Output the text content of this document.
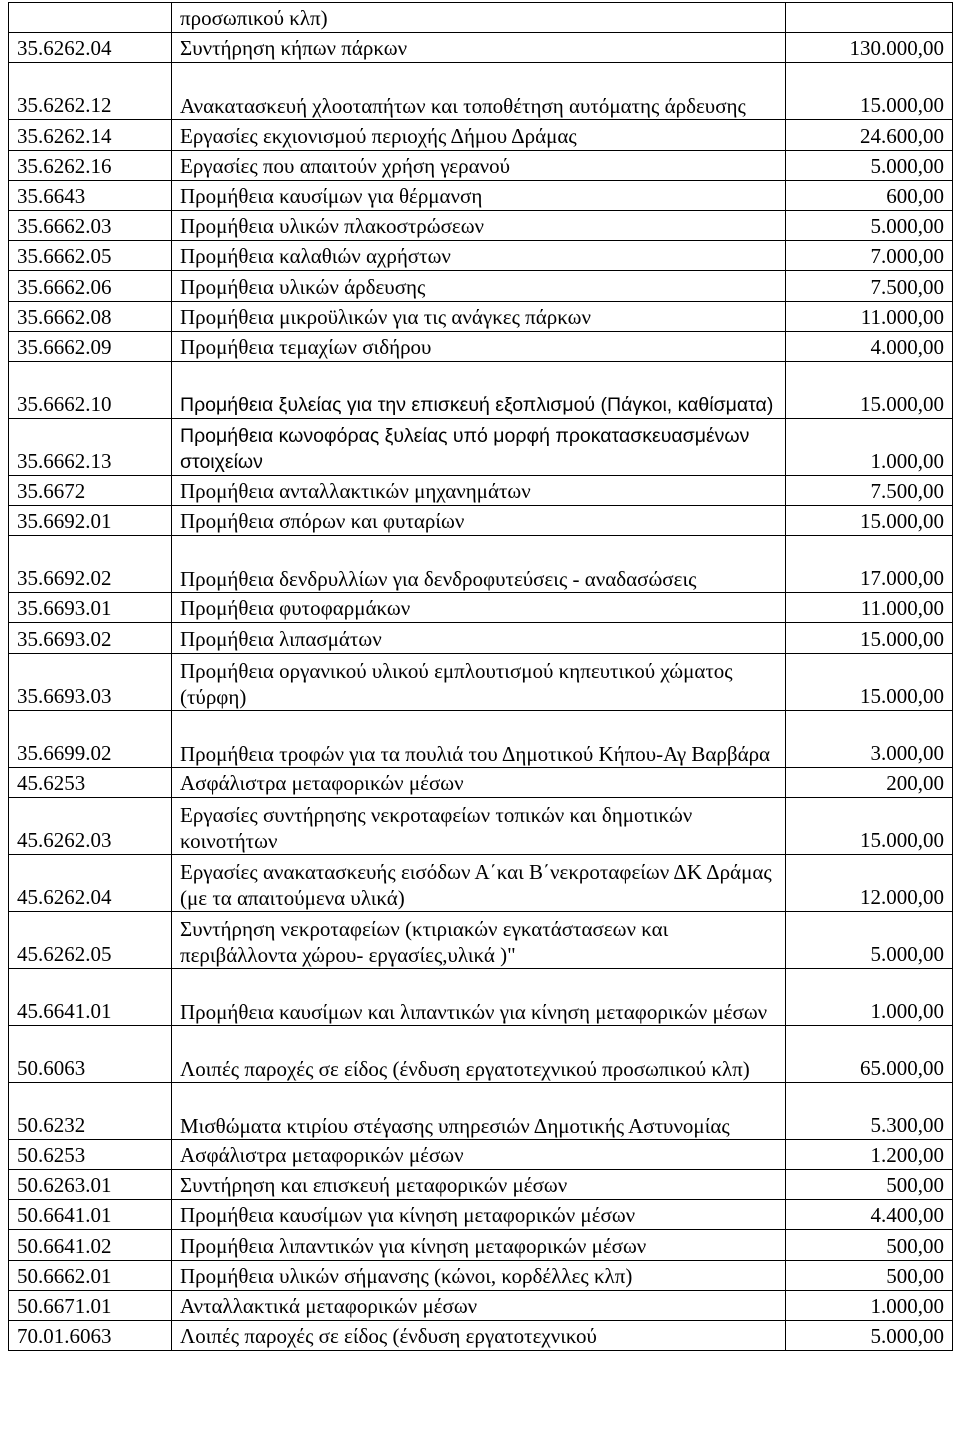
	προσωπικού κλπ)	
35.6262.04	Συντήρηση κήπων πάρκων	130.000,00
35.6262.12	Ανακατασκευή χλοοταπήτων και τοποθέτηση αυτόματης άρδευσης	15.000,00
35.6262.14	Εργασίες εκχιονισμού περιοχής Δήμου Δράμας	24.600,00
35.6262.16	Εργασίες που απαιτούν χρήση γερανού	5.000,00
35.6643	Προμήθεια καυσίμων για θέρμανση	600,00
35.6662.03	Προμήθεια υλικών πλακοστρώσεων	5.000,00
35.6662.05	Προμήθεια καλαθιών αχρήστων	7.000,00
35.6662.06	Προμήθεια υλικών άρδευσης	7.500,00
35.6662.08	Προμήθεια μικροϋλικών για τις ανάγκες πάρκων	11.000,00
35.6662.09	Προμήθεια τεμαχίων σιδήρου	4.000,00
35.6662.10	Προμήθεια ξυλείας για την επισκευή εξοπλισμού (Πάγκοι, καθίσματα)	15.000,00
35.6662.13	Προμήθεια κωνοφόρας ξυλείας υπό μορφή προκατασκευασμένων στοιχείων	1.000,00
35.6672	Προμήθεια ανταλλακτικών μηχανημάτων	7.500,00
35.6692.01	Προμήθεια σπόρων και φυταρίων	15.000,00
35.6692.02	Προμήθεια δενδρυλλίων για δενδροφυτεύσεις - αναδασώσεις	17.000,00
35.6693.01	Προμήθεια φυτοφαρμάκων	11.000,00
35.6693.02	Προμήθεια λιπασμάτων	15.000,00
35.6693.03	Προμήθεια οργανικού υλικού εμπλουτισμού κηπευτικού χώματος (τύρφη)	15.000,00
35.6699.02	Προμήθεια τροφών για τα πουλιά του Δημοτικού Κήπου-Αγ Βαρβάρα	3.000,00
45.6253	Ασφάλιστρα μεταφορικών μέσων	200,00
45.6262.03	Εργασίες συντήρησης νεκροταφείων τοπικών και δημοτικών κοινοτήτων	15.000,00
45.6262.04	Εργασίες ανακατασκευής εισόδων Α΄και Β΄νεκροταφείων ΔΚ Δράμας (με τα απαιτούμενα υλικά)	12.000,00
45.6262.05	Συντήρηση νεκροταφείων (κτιριακών εγκατάστασεων και περιβάλλοντα χώρου- εργασίες,υλικά )"	5.000,00
45.6641.01	Προμήθεια καυσίμων και λιπαντικών για κίνηση μεταφορικών μέσων	1.000,00
50.6063	Λοιπές παροχές σε είδος (ένδυση εργατοτεχνικού προσωπικού κλπ)	65.000,00
50.6232	Μισθώματα κτιρίου στέγασης υπηρεσιών Δημοτικής Αστυνομίας	5.300,00
50.6253	Ασφάλιστρα μεταφορικών μέσων	1.200,00
50.6263.01	Συντήρηση και επισκευή μεταφορικών μέσων	500,00
50.6641.01	Προμήθεια καυσίμων για κίνηση μεταφορικών μέσων	4.400,00
50.6641.02	Προμήθεια λιπαντικών για κίνηση μεταφορικών μέσων	500,00
50.6662.01	Προμήθεια υλικών σήμανσης (κώνοι, κορδέλλες κλπ)	500,00
50.6671.01	Ανταλλακτικά μεταφορικών μέσων	1.000,00
70.01.6063	Λοιπές παροχές σε είδος (ένδυση εργατοτεχνικού	5.000,00
